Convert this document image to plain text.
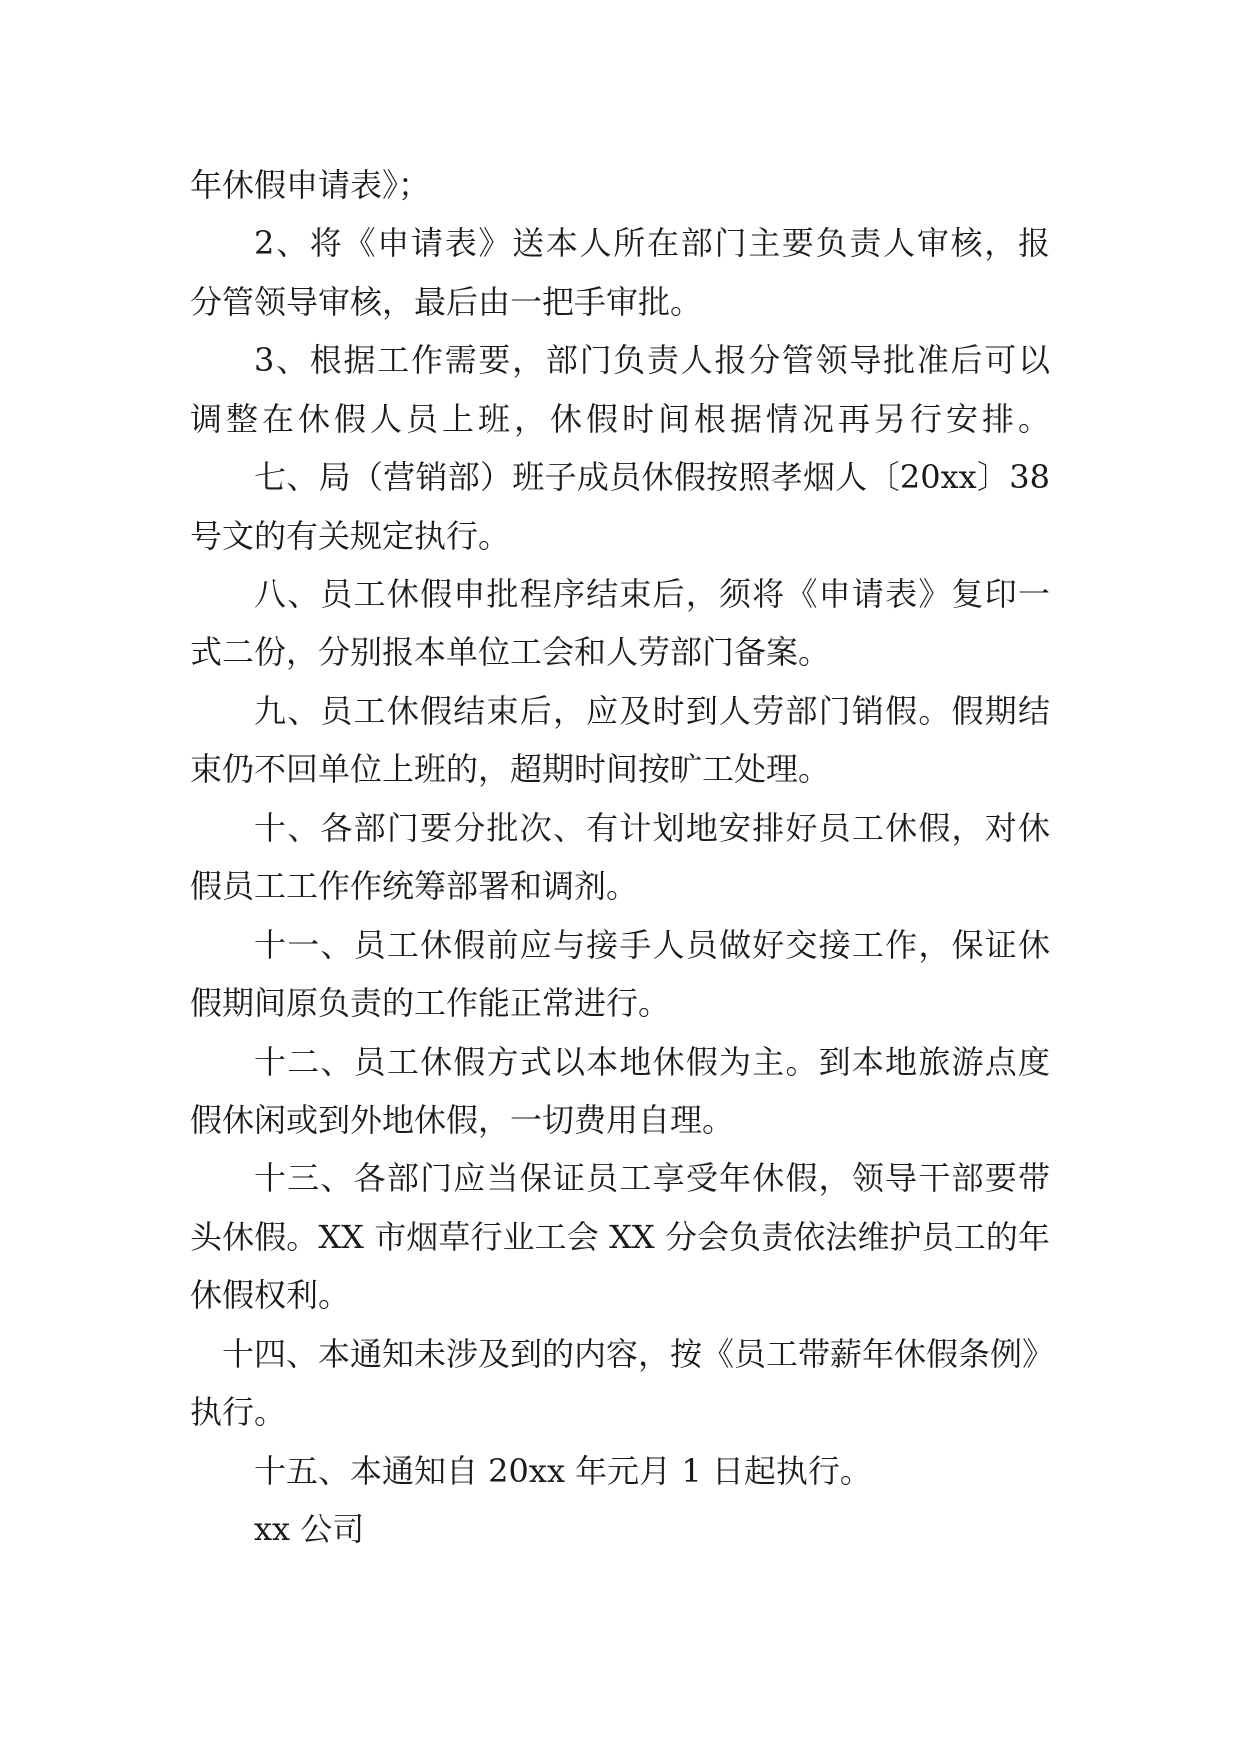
年休假申请表》；

2、将《申请表》送本人所在部门主要负责人审核，报

分管领导审核，最后由一把手审批。

3、根据工作需要，部门负责人报分管领导批准后可以

调整在休假人员上班，休假时间根据情况再另行安排。

七、局（营销部）班子成员休假按照孝烟人〔20xx〕38

号文的有关规定执行。

八、员工休假申批程序结束后，须将《申请表》复印一

式二份，分别报本单位工会和人劳部门备案。

九、员工休假结束后，应及时到人劳部门销假。假期结

束仍不回单位上班的，超期时间按旷工处理。

十、各部门要分批次、有计划地安排好员工休假，对休

假员工工作作统筹部署和调剂。

十一、员工休假前应与接手人员做好交接工作，保证休

假期间原负责的工作能正常进行。

十二、员工休假方式以本地休假为主。到本地旅游点度

假休闲或到外地休假，一切费用自理。

十三、各部门应当保证员工享受年休假，领导干部要带

头休假。XX 市烟草行业工会 XX 分会负责依法维护员工的年

休假权利。

十四、本通知未涉及到的内容，按《员工带薪年休假条例》

执行。

十五、本通知自 20xx 年元月 1 日起执行。

xx 公司
